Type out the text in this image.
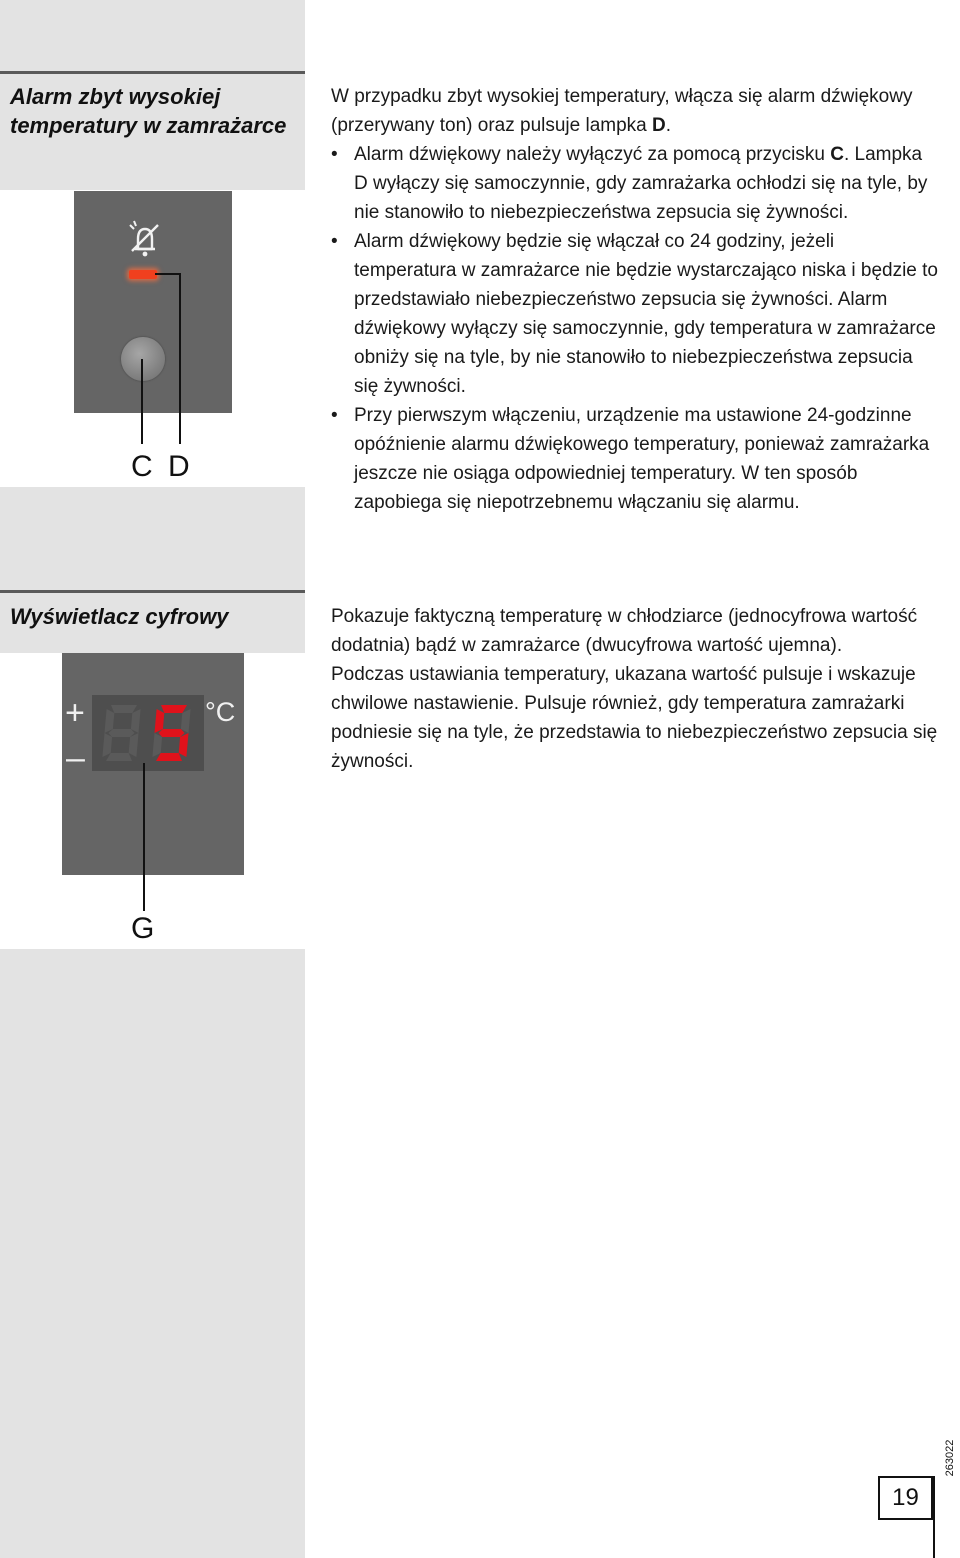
Alarm zbyt wysokiej temperatury w zamrażarce
C D

W przypadku zbyt wysokiej temperatury, włącza się alarm dźwiękowy (przerywany ton) oraz pulsuje lampka D.

• Alarm dźwiękowy należy wyłączyć za pomocą przycisku C. Lampka D wyłączy się samoczynnie, gdy zamrażarka ochłodzi się na tyle, by nie stanowiło to niebezpieczeństwa zepsucia się żywności.
• Alarm dźwiękowy będzie się włączał co 24 godziny, jeżeli temperatura w zamrażarce nie będzie wystarczająco niska i będzie to przedstawiało niebezpieczeństwo zepsucia się żywności. Alarm dźwiękowy wyłączy się samoczynnie, gdy temperatura w zamrażarce obniży się na tyle, by nie stanowiło to niebezpieczeństwa zepsucia się żywności.
• Przy pierwszym włączeniu, urządzenie ma ustawione 24-godzinne opóźnienie alarmu dźwiękowego temperatury, ponieważ zamrażarka jeszcze nie osiąga odpowiedniej temperatury. W ten sposób zapobiega się niepotrzebnemu włączaniu się alarmu.
Wyświetlacz cyfrowy
+
–
°C
G

Pokazuje faktyczną temperaturę w chłodziarce (jednocyfrowa wartość dodatnia) bądź w zamrażarce (dwucyfrowa wartość ujemna).

Podczas ustawiania temperatury, ukazana wartość pulsuje i wskazuje chwilowe nastawienie. Pulsuje również, gdy temperatura zamrażarki podniesie się na tyle, że przedstawia to niebezpieczeństwo zepsucia się żywności.

19
263022
